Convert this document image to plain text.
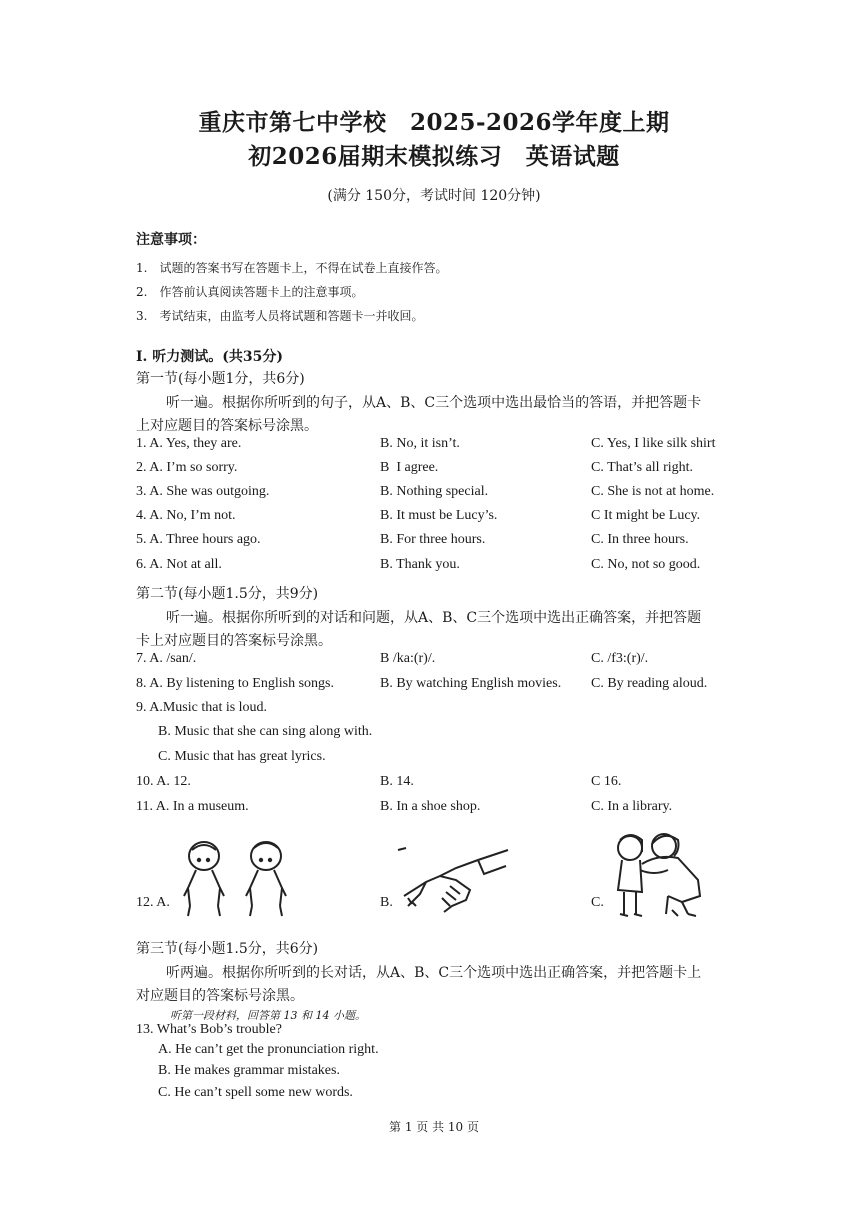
重庆市第七中学校　2025-2026学年度上期
初2026届期末模拟练习　英语试题
(满分 150分，考试时间 120分钟)
注意事项：
1.　试题的答案书写在答题卡上，不得在试卷上直接作答。
2.　作答前认真阅读答题卡上的注意事项。
3.　考试结束，由监考人员将试题和答题卡一并收回。
I. 听力测试。(共35分)
第一节(每小题1分，共6分)
听一遍。根据你所听到的句子，从A、B、C三个选项中选出最恰当的答语，并把答题卡
上对应题目的答案标号涂黑。
1. A. Yes, they are.	B. No, it isn’t.	C. Yes, I like silk shirt
2. A. I’m so sorry.	B I agree.	C. That’s all right.
3. A. She was outgoing.	B. Nothing special.	C. She is not at home.
4. A. No, I’m not.	B. It must be Lucy’s.	C It might be Lucy.
5. A. Three hours ago.	B. For three hours.	C. In three hours.
6. A. Not at all.	B. Thank you.	C. No, not so good.
第二节(每小题1.5分，共9分)
听一遍。根据你所听到的对话和问题，从A、B、C三个选项中选出正确答案，并把答题
卡上对应题目的答案标号涂黑。
7. A. /san/.	B /ka:(r)/.	C. /f3:(r)/.
8. A. By listening to English songs.	B. By watching English movies. C. By reading aloud.
9. A.Music that is loud.
B. Music that she can sing along with.
C. Music that has great lyrics.
10. A. 12.	B. 14.	C 16.
11. A. In a museum.	B. In a shoe shop.	C. In a library.
12. A.	B.	C.
第三节(每小题1.5分，共6分)
听两遍。根据你所听到的长对话，从A、B、C三个选项中选出正确答案，并把答题卡上
对应题目的答案标号涂黑。
听第一段材料，回答第 13 和 14 小题。
13. What’s Bob’s trouble?
A. He can’t get the pronunciation right.
B. He makes grammar mistakes.
C. He can’t spell some new words.
第 1 页 共 10 页
